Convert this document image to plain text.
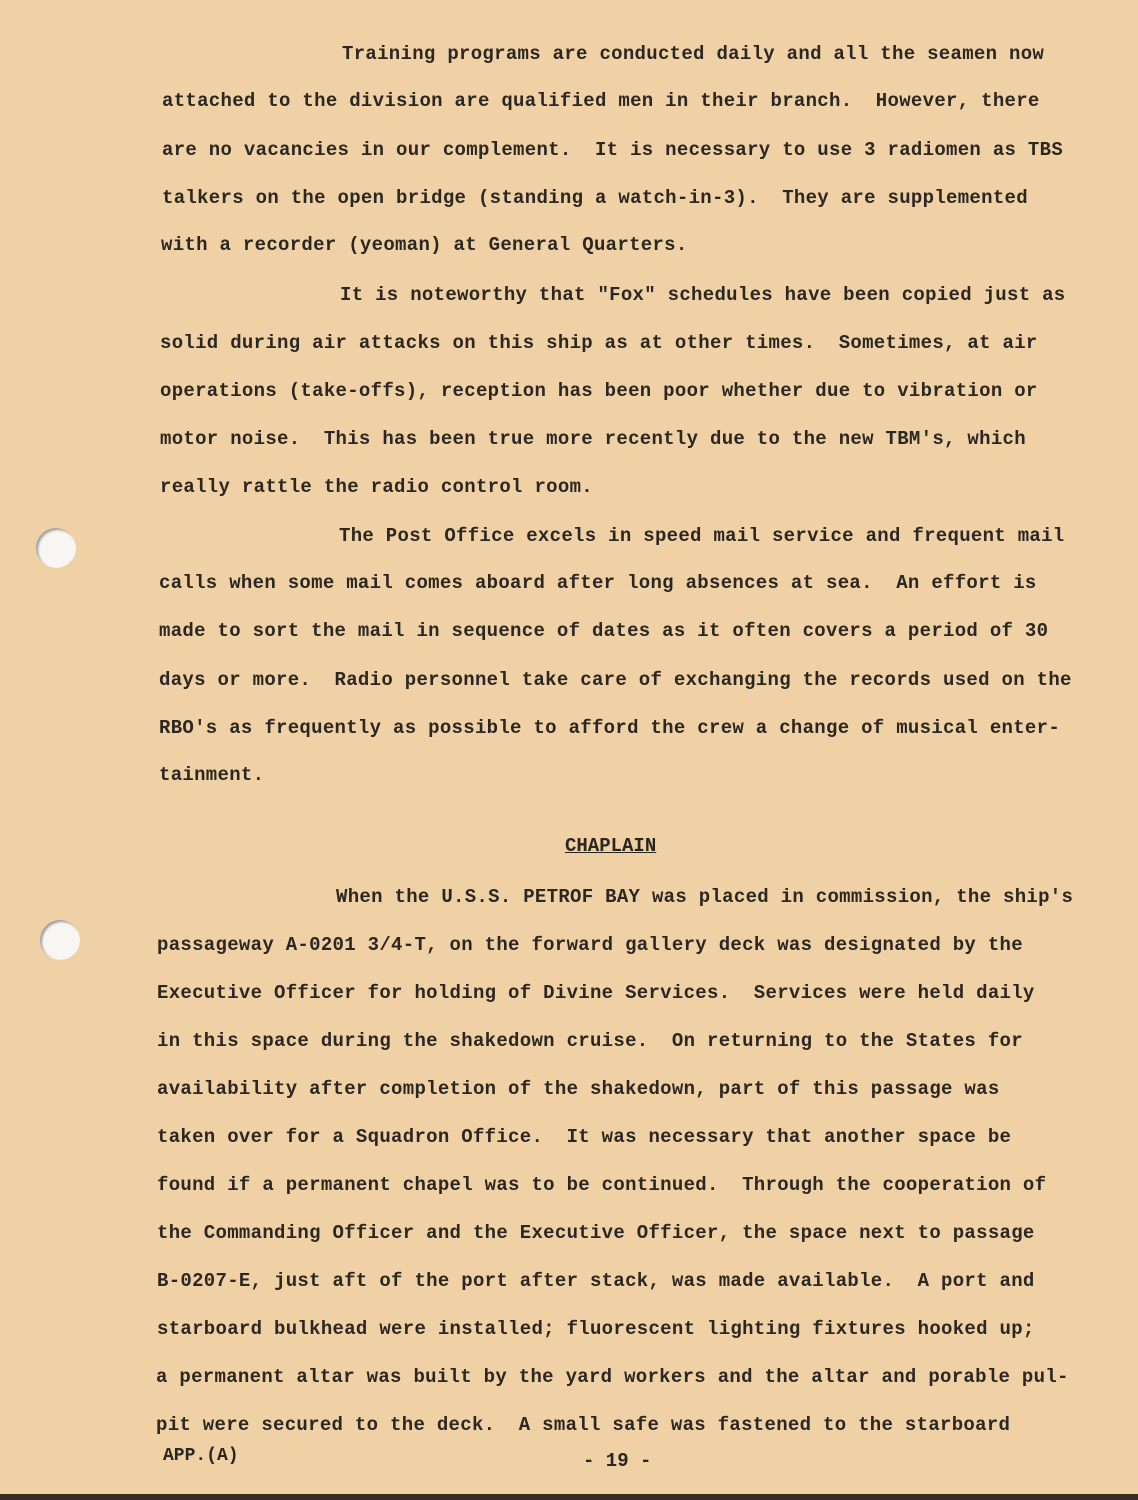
Training programs are conducted daily and all the seamen now
attached to the division are qualified men in their branch.  However, there
are no vacancies in our complement.  It is necessary to use 3 radiomen as TBS
talkers on the open bridge (standing a watch-in-3).  They are supplemented
with a recorder (yeoman) at General Quarters.
It is noteworthy that "Fox" schedules have been copied just as
solid during air attacks on this ship as at other times.  Sometimes, at air
operations (take-offs), reception has been poor whether due to vibration or
motor noise.  This has been true more recently due to the new TBM's, which
really rattle the radio control room.
The Post Office excels in speed mail service and frequent mail
calls when some mail comes aboard after long absences at sea.  An effort is
made to sort the mail in sequence of dates as it often covers a period of 30
days or more.  Radio personnel take care of exchanging the records used on the
RBO's as frequently as possible to afford the crew a change of musical enter-
tainment.
CHAPLAIN
When the U.S.S. PETROF BAY was placed in commission, the ship's
passageway A-0201 3/4-T, on the forward gallery deck was designated by the
Executive Officer for holding of Divine Services.  Services were held daily
in this space during the shakedown cruise.  On returning to the States for
availability after completion of the shakedown, part of this passage was
taken over for a Squadron Office.  It was necessary that another space be
found if a permanent chapel was to be continued.  Through the cooperation of
the Commanding Officer and the Executive Officer, the space next to passage
B-0207-E, just aft of the port after stack, was made available.  A port and
starboard bulkhead were installed; fluorescent lighting fixtures hooked up;
a permanent altar was built by the yard workers and the altar and porable pul-
pit were secured to the deck.  A small safe was fastened to the starboard
APP.(A)	- 19 -
